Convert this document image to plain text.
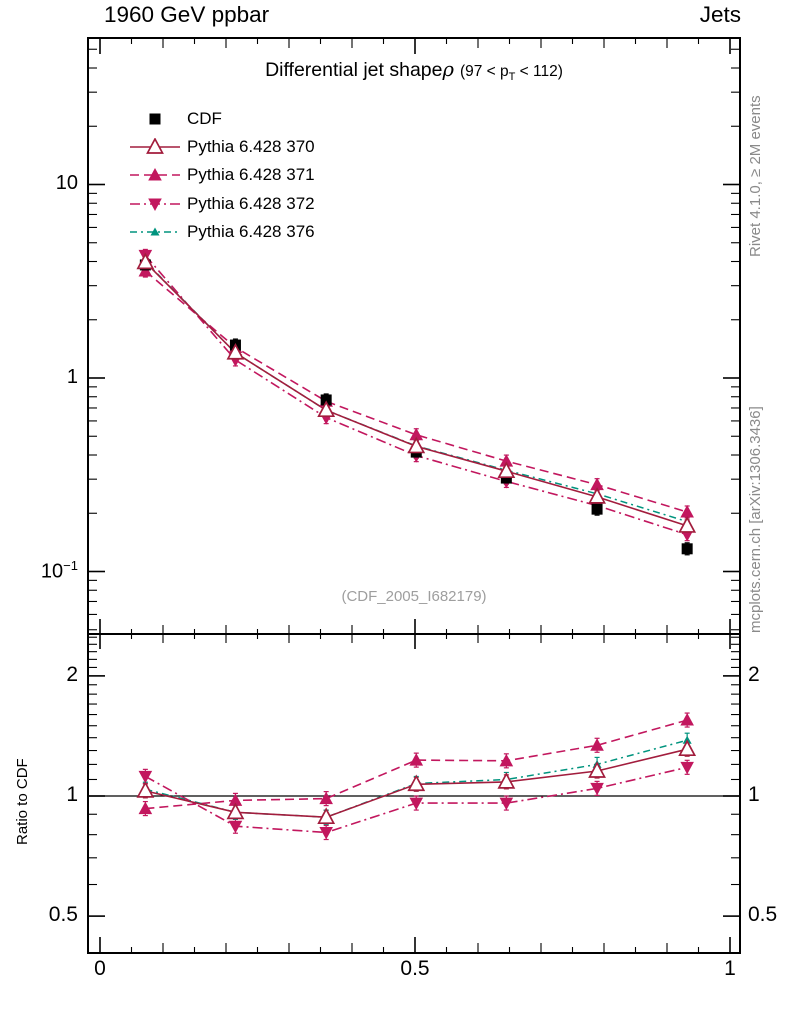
1960 GeV ppbar	Jets
Differential jet shapeρ $(97 < p_T < 112)$
CDF
Pythia 6.428 370
Pythia 6.428 371
Pythia 6.428 372
Pythia 6.428 376
10
1
$10^{-1}$
2
1
0.5
2
1
0.5
0	0.5	1
(CDF_2005_I682179)
Rivet 4.1.0, ≥ 2M events
mcplots.cern.ch [arXiv:1306.3436]
Ratio to CDF
